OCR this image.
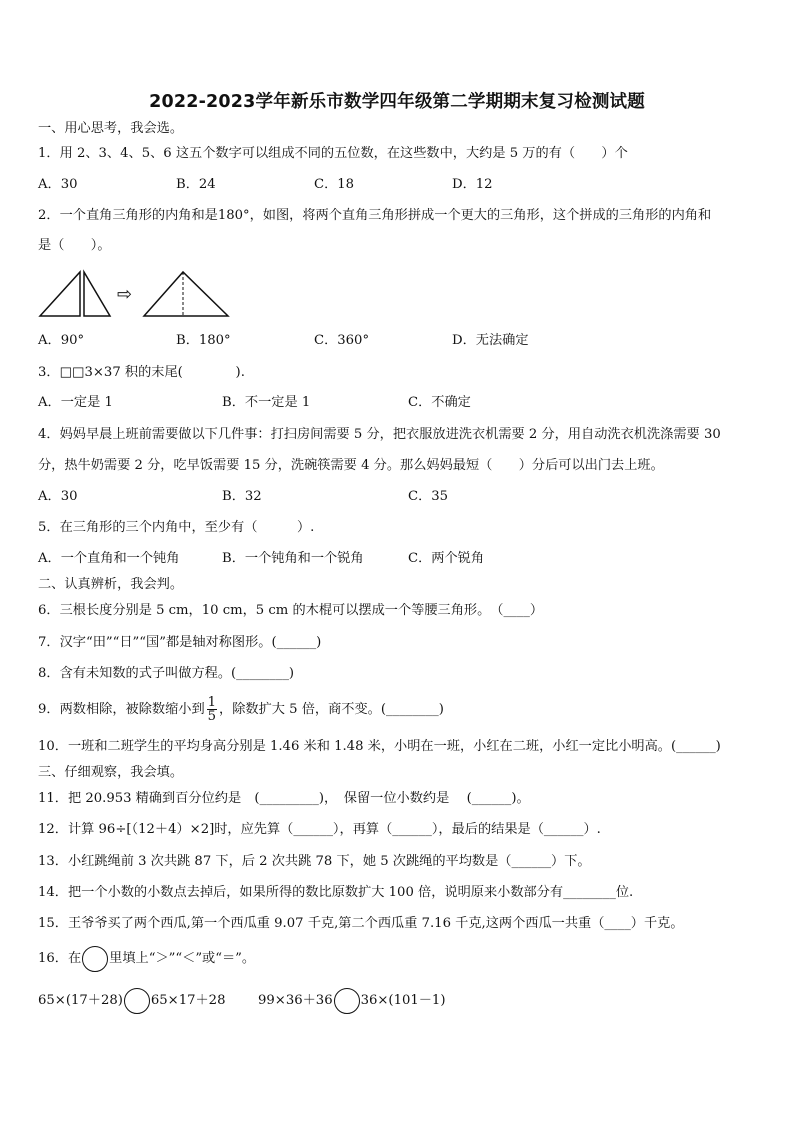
2022-2023学年新乐市数学四年级第二学期期末复习检测试题
一、用心思考，我会选。
1．用 2、3、4、5、6 这五个数字可以组成不同的五位数，在这些数中，大约是 5 万的有（　　）个
A．30	B．24	C．18	D．12
2．一个直角三角形的内角和是180°，如图，将两个直角三角形拼成一个更大的三角形，这个拼成的三角形的内角和
是（　　）。
⇨
A．90°	B．180°	C．360°	D．无法确定
3．□□3×37 积的末尾(　　　　).
A．一定是 1	B．不一定是 1	C．不确定
4．妈妈早晨上班前需要做以下几件事：打扫房间需要 5 分，把衣服放进洗衣机需要 2 分，用自动洗衣机洗涤需要 30
分，热牛奶需要 2 分，吃早饭需要 15 分，洗碗筷需要 4 分。那么妈妈最短（　　）分后可以出门去上班。
A．30	B．32	C．35
5．在三角形的三个内角中，至少有（　　　）.
A．一个直角和一个钝角	B．一个钝角和一个锐角	C．两个锐角
二、认真辨析，我会判。
6．三根长度分别是 5 cm，10 cm，5 cm 的木棍可以摆成一个等腰三角形。　（____）
7．汉字“田”“日”“国”都是轴对称图形。(______)
8．含有未知数的式子叫做方程。(________)
9．两数相除，被除数缩小到 $\frac{1}{5}$ ，除数扩大 5 倍，商不变。(________)
10．一班和二班学生的平均身高分别是 1.46 米和 1.48 米，小明在一班，小红在二班，小红一定比小明高。(______)
三、仔细观察，我会填。
11．把 20.953 精确到百分位约是　(_________)，　保留一位小数约是　 (______)。
12．计算 96÷[（12＋4）×2]时，应先算（______），再算（______），最后的结果是（______）.
13．小红跳绳前 3 次共跳 87 下，后 2 次共跳 78 下，她 5 次跳绳的平均数是（______）下。
14．把一个小数的小数点去掉后，如果所得的数比原数扩大 100 倍，说明原来小数部分有________位.
15．王爷爷买了两个西瓜,第一个西瓜重 9.07 千克,第二个西瓜重 7.16 千克,这两个西瓜一共重（____）千克。
16．在 里填上“＞”“＜”或“＝”。
65×(17＋28) 65×17＋28 99×36＋36 36×(101－1)
